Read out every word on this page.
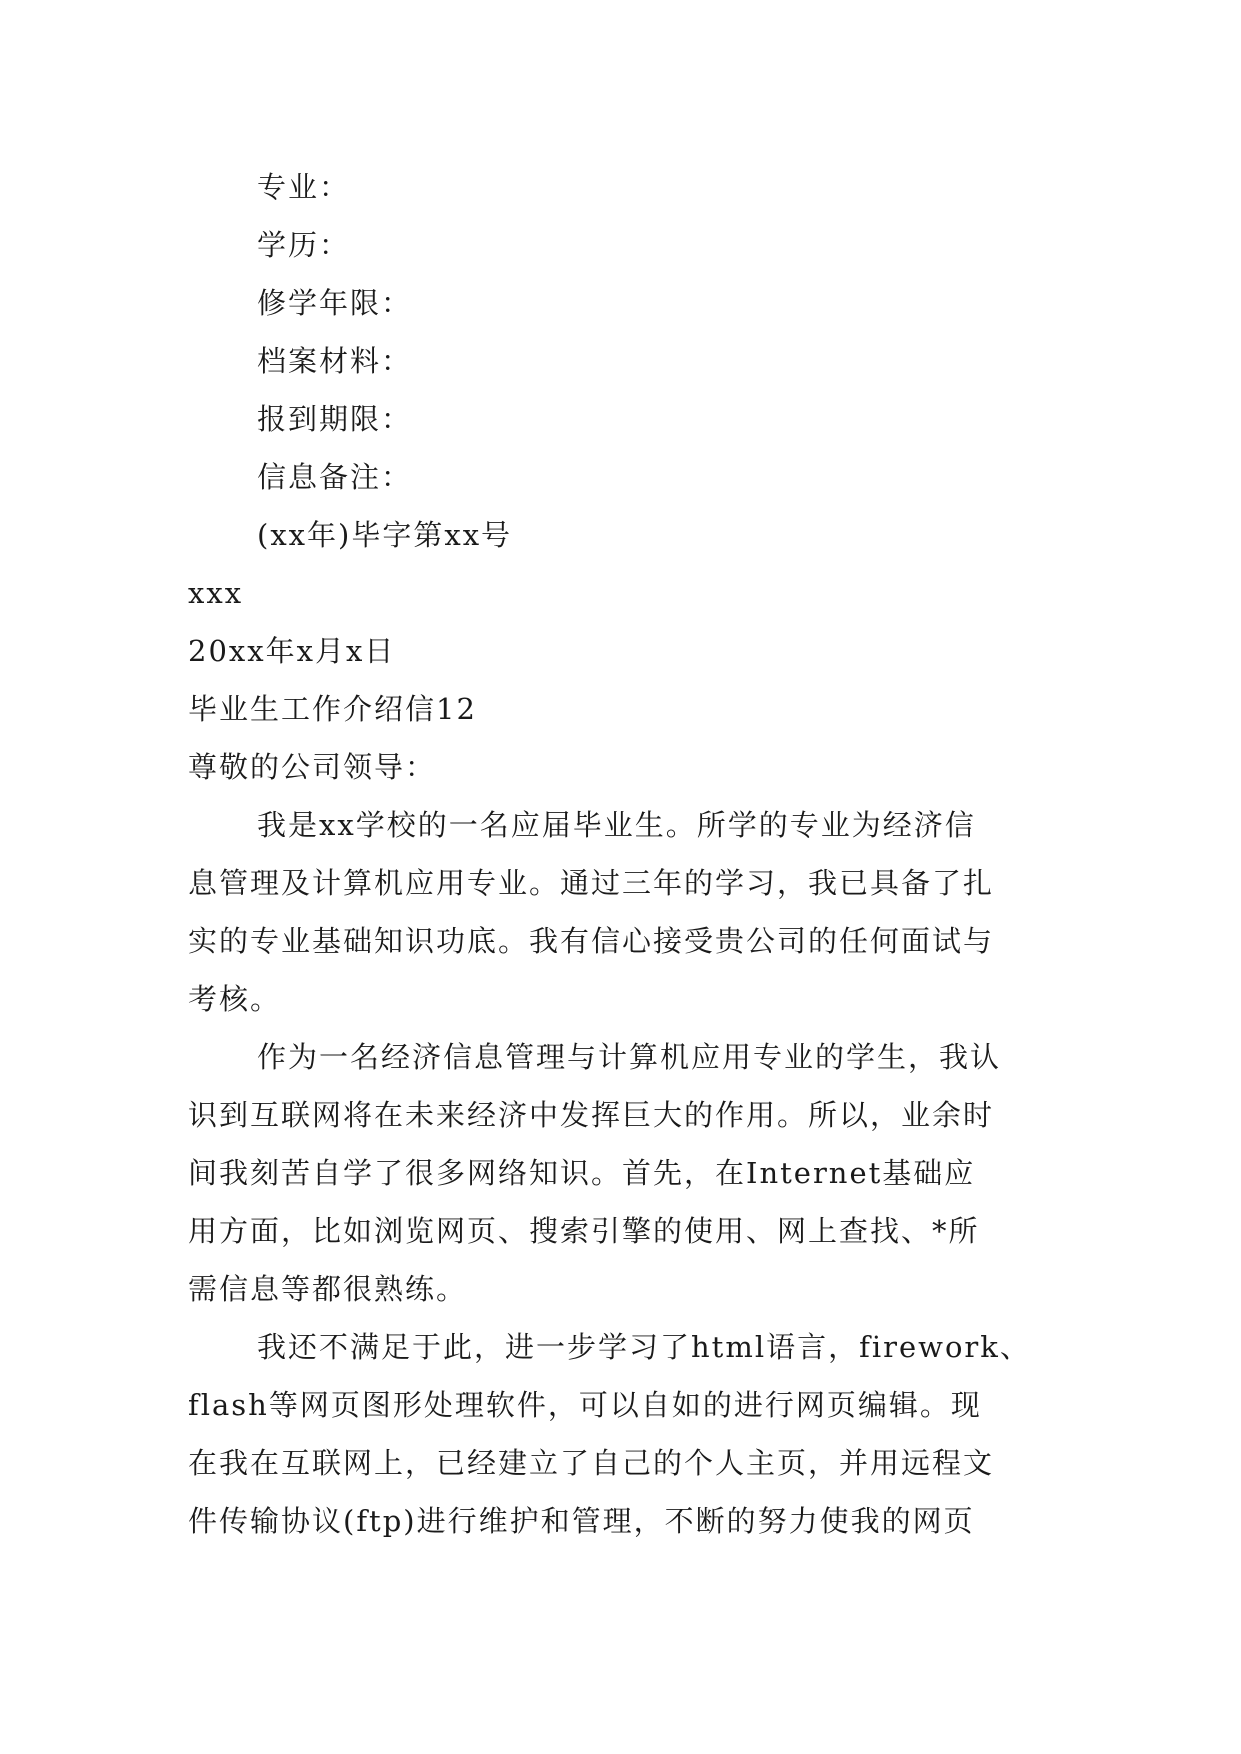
专业：
学历：
修学年限：
档案材料：
报到期限：
信息备注：
(xx年)毕字第xx号
xxx
20xx年x月x日
毕业生工作介绍信12
尊敬的公司领导：
我是xx学校的一名应届毕业生。所学的专业为经济信
息管理及计算机应用专业。通过三年的学习，我已具备了扎
实的专业基础知识功底。我有信心接受贵公司的任何面试与
考核。
作为一名经济信息管理与计算机应用专业的学生，我认
识到互联网将在未来经济中发挥巨大的作用。所以，业余时
间我刻苦自学了很多网络知识。首先，在Internet基础应
用方面，比如浏览网页、搜索引擎的使用、网上查找、*所
需信息等都很熟练。
我还不满足于此，进一步学习了html语言，firework、
flash等网页图形处理软件，可以自如的进行网页编辑。现
在我在互联网上，已经建立了自己的个人主页，并用远程文
件传输协议(ftp)进行维护和管理，不断的努力使我的网页
